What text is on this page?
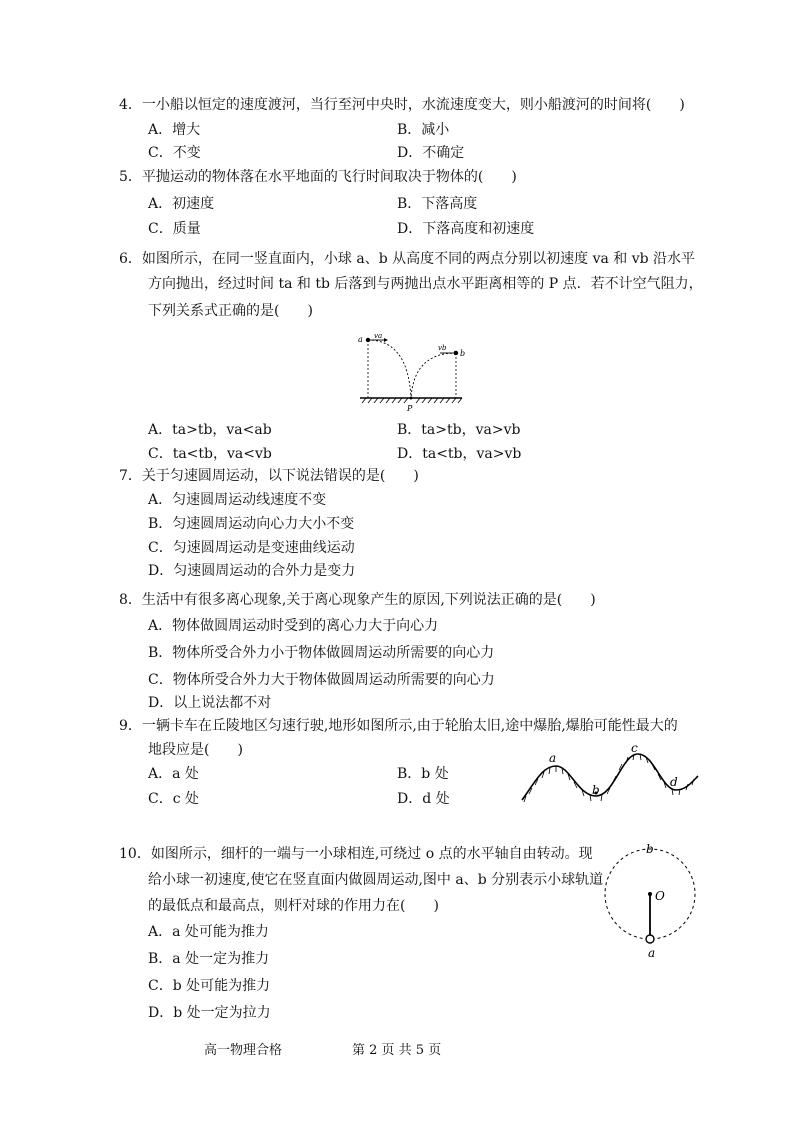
4．一小船以恒定的速度渡河，当行至河中央时，水流速度变大，则小船渡河的时间将(　　)
A．增大	B．减小
C．不变	D．不确定
5．平抛运动的物体落在水平地面的飞行时间取决于物体的(　　)
A．初速度	B．下落高度
C．质量	D．下落高度和初速度
6．如图所示，在同一竖直面内，小球 a、b 从高度不同的两点分别以初速度 va 和 vb 沿水平
方向抛出，经过时间 ta 和 tb 后落到与两抛出点水平距离相等的 P 点．若不计空气阻力，
下列关系式正确的是(　　)
a
b
va
vb
P
A．ta>tb，va<ab	B．ta>tb，va>vb
C．ta<tb，va<vb	D．ta<tb，va>vb
7．关于匀速圆周运动，以下说法错误的是(　　)
A．匀速圆周运动线速度不变
B．匀速圆周运动向心力大小不变
C．匀速圆周运动是变速曲线运动
D．匀速圆周运动的合外力是变力
8．生活中有很多离心现象,关于离心现象产生的原因,下列说法正确的是(　　)
A．物体做圆周运动时受到的离心力大于向心力
B．物体所受合外力小于物体做圆周运动所需要的向心力
C．物体所受合外力大于物体做圆周运动所需要的向心力
D．以上说法都不对
9．一辆卡车在丘陵地区匀速行驶,地形如图所示,由于轮胎太旧,途中爆胎,爆胎可能性最大的
地段应是(　　)
A．a 处	B．b 处
C．c 处	D．d 处
a
b
c
d
10．如图所示，细杆的一端与一小球相连,可绕过 o 点的水平轴自由转动。现
给小球一初速度,使它在竖直面内做圆周运动,图中 a、b 分别表示小球轨道
的最低点和最高点，则杆对球的作用力在(　　)
A．a 处可能为推力
B．a 处一定为推力
C．b 处可能为推力
D．b 处一定为拉力
O
a
b
高一物理合格	第 2 页 共 5 页
